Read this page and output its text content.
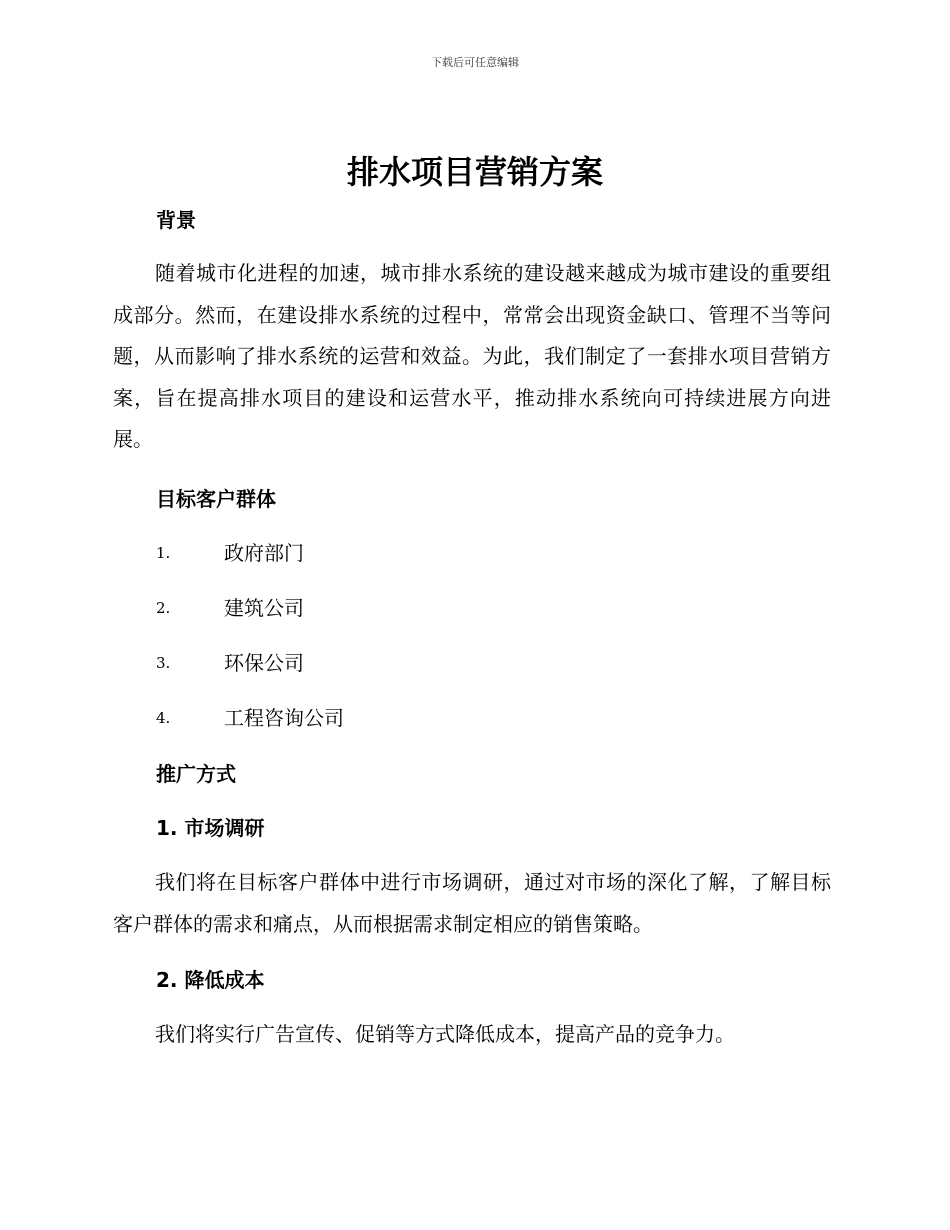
下载后可任意编辑
排水项目营销方案
背景

随着城市化进程的加速，城市排水系统的建设越来越成为城市建设的重要组成部分。然而，在建设排水系统的过程中，常常会出现资金缺口、管理不当等问题，从而影响了排水系统的运营和效益。为此，我们制定了一套排水项目营销方案，旨在提高排水项目的建设和运营水平，推动排水系统向可持续进展方向进展。

目标客户群体
1.	政府部门
2.	建筑公司
3.	环保公司
4.	工程咨询公司
推广方式
1. 市场调研

我们将在目标客户群体中进行市场调研，通过对市场的深化了解，了解目标客户群体的需求和痛点，从而根据需求制定相应的销售策略。

2. 降低成本

我们将实行广告宣传、促销等方式降低成本，提高产品的竞争力。
